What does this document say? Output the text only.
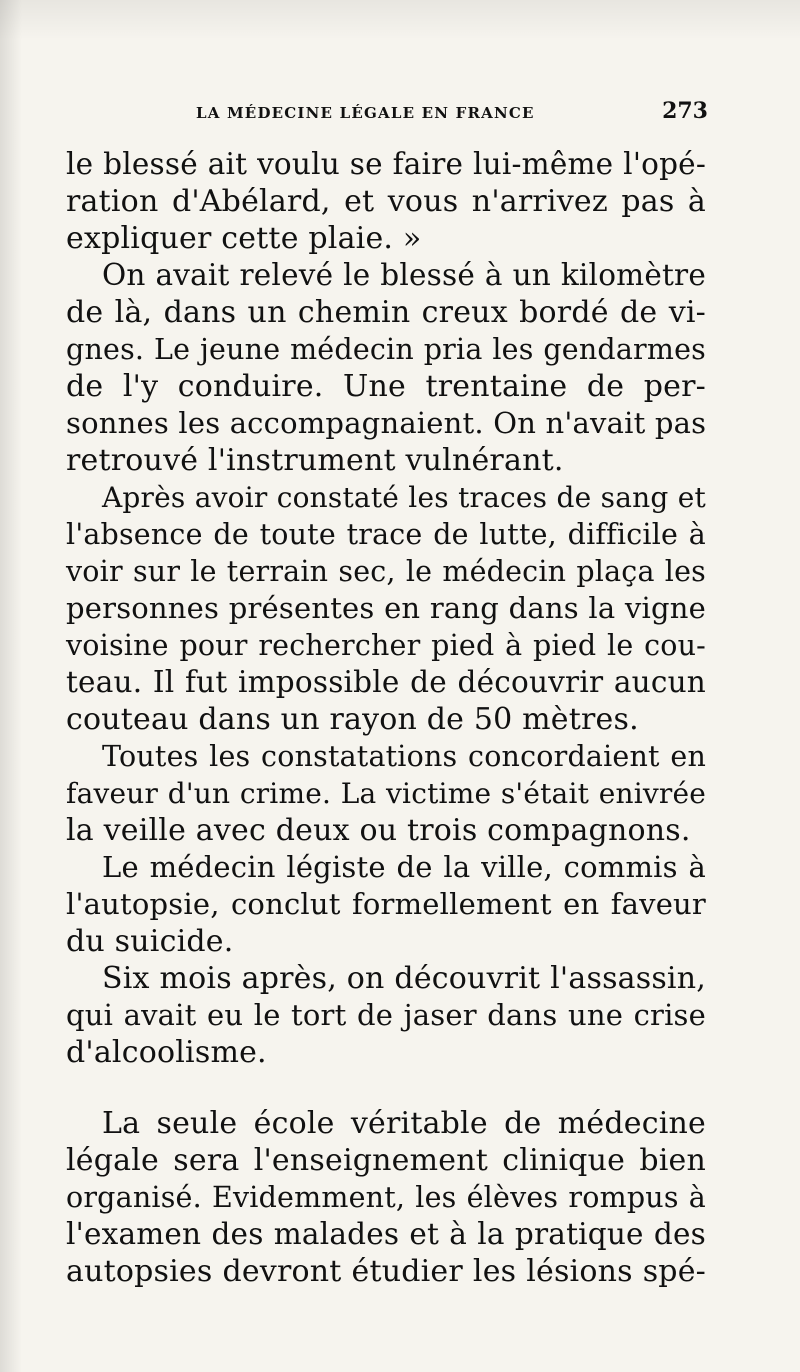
LA MÉDECINE LÉGALE EN FRANCE	273
le blessé ait voulu se faire lui-même l'opé-
ration d'Abélard, et vous n'arrivez pas à
expliquer cette plaie. »
On avait relevé le blessé à un kilomètre
de là, dans un chemin creux bordé de vi-
gnes. Le jeune médecin pria les gendarmes
de l'y conduire. Une trentaine de per-
sonnes les accompagnaient. On n'avait pas
retrouvé l'instrument vulnérant.
Après avoir constaté les traces de sang et
l'absence de toute trace de lutte, difficile à
voir sur le terrain sec, le médecin plaça les
personnes présentes en rang dans la vigne
voisine pour rechercher pied à pied le cou-
teau. Il fut impossible de découvrir aucun
couteau dans un rayon de 50 mètres.
Toutes les constatations concordaient en
faveur d'un crime. La victime s'était enivrée
la veille avec deux ou trois compagnons.
Le médecin légiste de la ville, commis à
l'autopsie, conclut formellement en faveur
du suicide.
Six mois après, on découvrit l'assassin,
qui avait eu le tort de jaser dans une crise
d'alcoolisme.
La seule école véritable de médecine
légale sera l'enseignement clinique bien
organisé. Evidemment, les élèves rompus à
l'examen des malades et à la pratique des
autopsies devront étudier les lésions spé-
